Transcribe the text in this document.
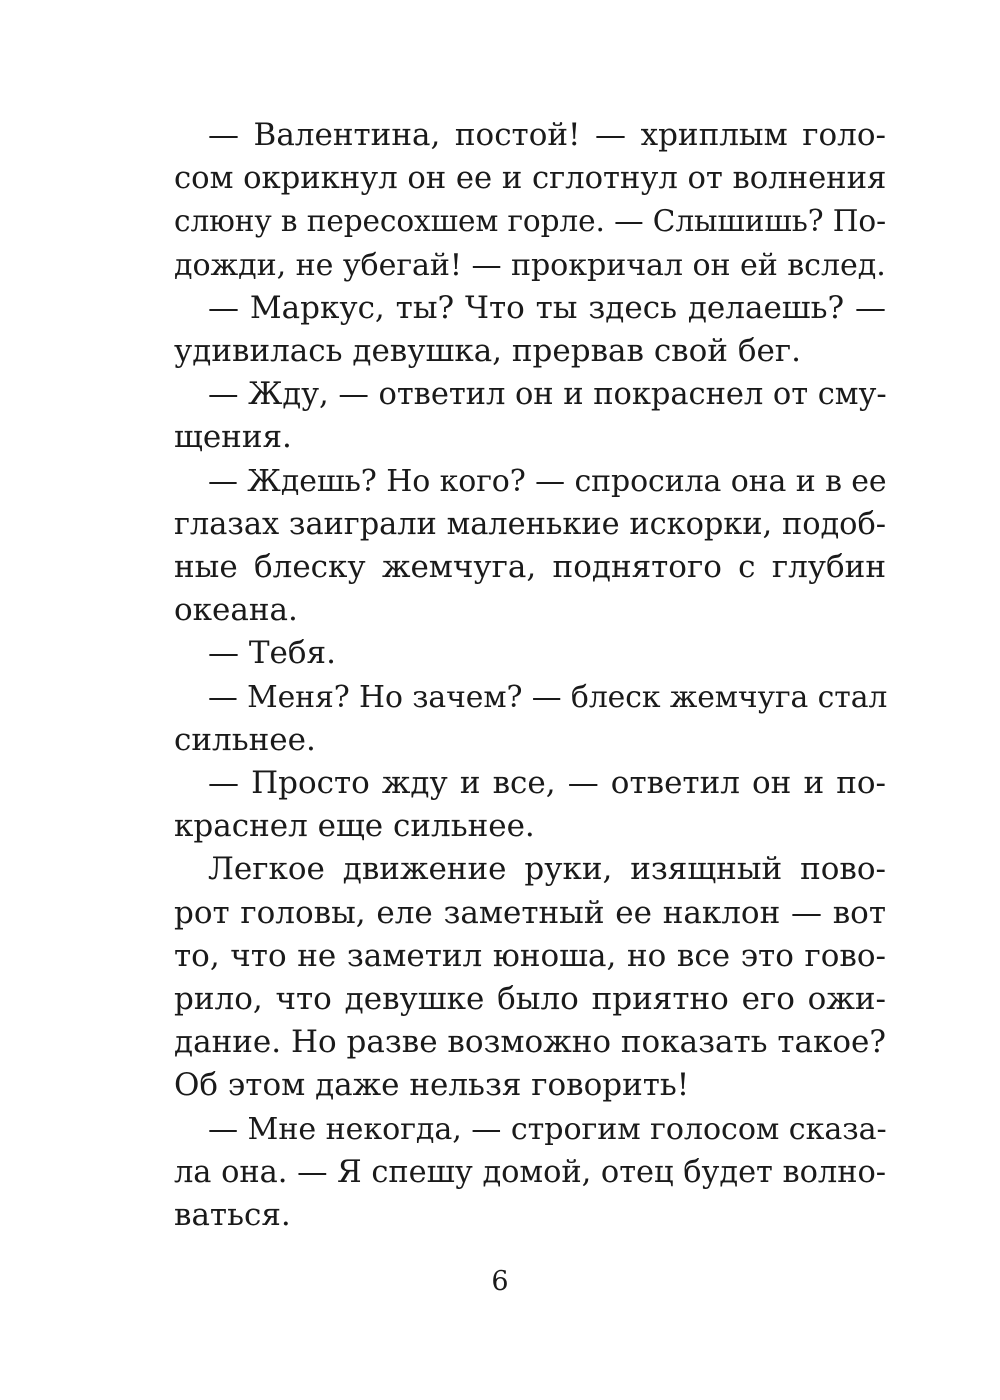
— Валентина, постой! — хриплым голо-
сом окрикнул он ее и сглотнул от волнения
слюну в пересохшем горле. — Слышишь? По-
дожди, не убегай! — прокричал он ей вслед.

— Маркус, ты? Что ты здесь делаешь? —
удивилась девушка, прервав свой бег.

— Жду, — ответил он и покраснел от сму-
щения.

— Ждешь? Но кого? — спросила она и в ее
глазах заиграли маленькие искорки, подоб-
ные блеску жемчуга, поднятого с глубин
океана.

— Тебя.

— Меня? Но зачем? — блеск жемчуга стал
сильнее.

— Просто жду и все, — ответил он и по-
краснел еще сильнее.

Легкое движение руки, изящный пово-
рот головы, еле заметный ее наклон — вот
то, что не заметил юноша, но все это гово-
рило, что девушке было приятно его ожи-
дание. Но разве возможно показать такое?
Об этом даже нельзя говорить!

— Мне некогда, — строгим голосом сказа-
ла она. — Я спешу домой, отец будет волно-
ваться.

6
